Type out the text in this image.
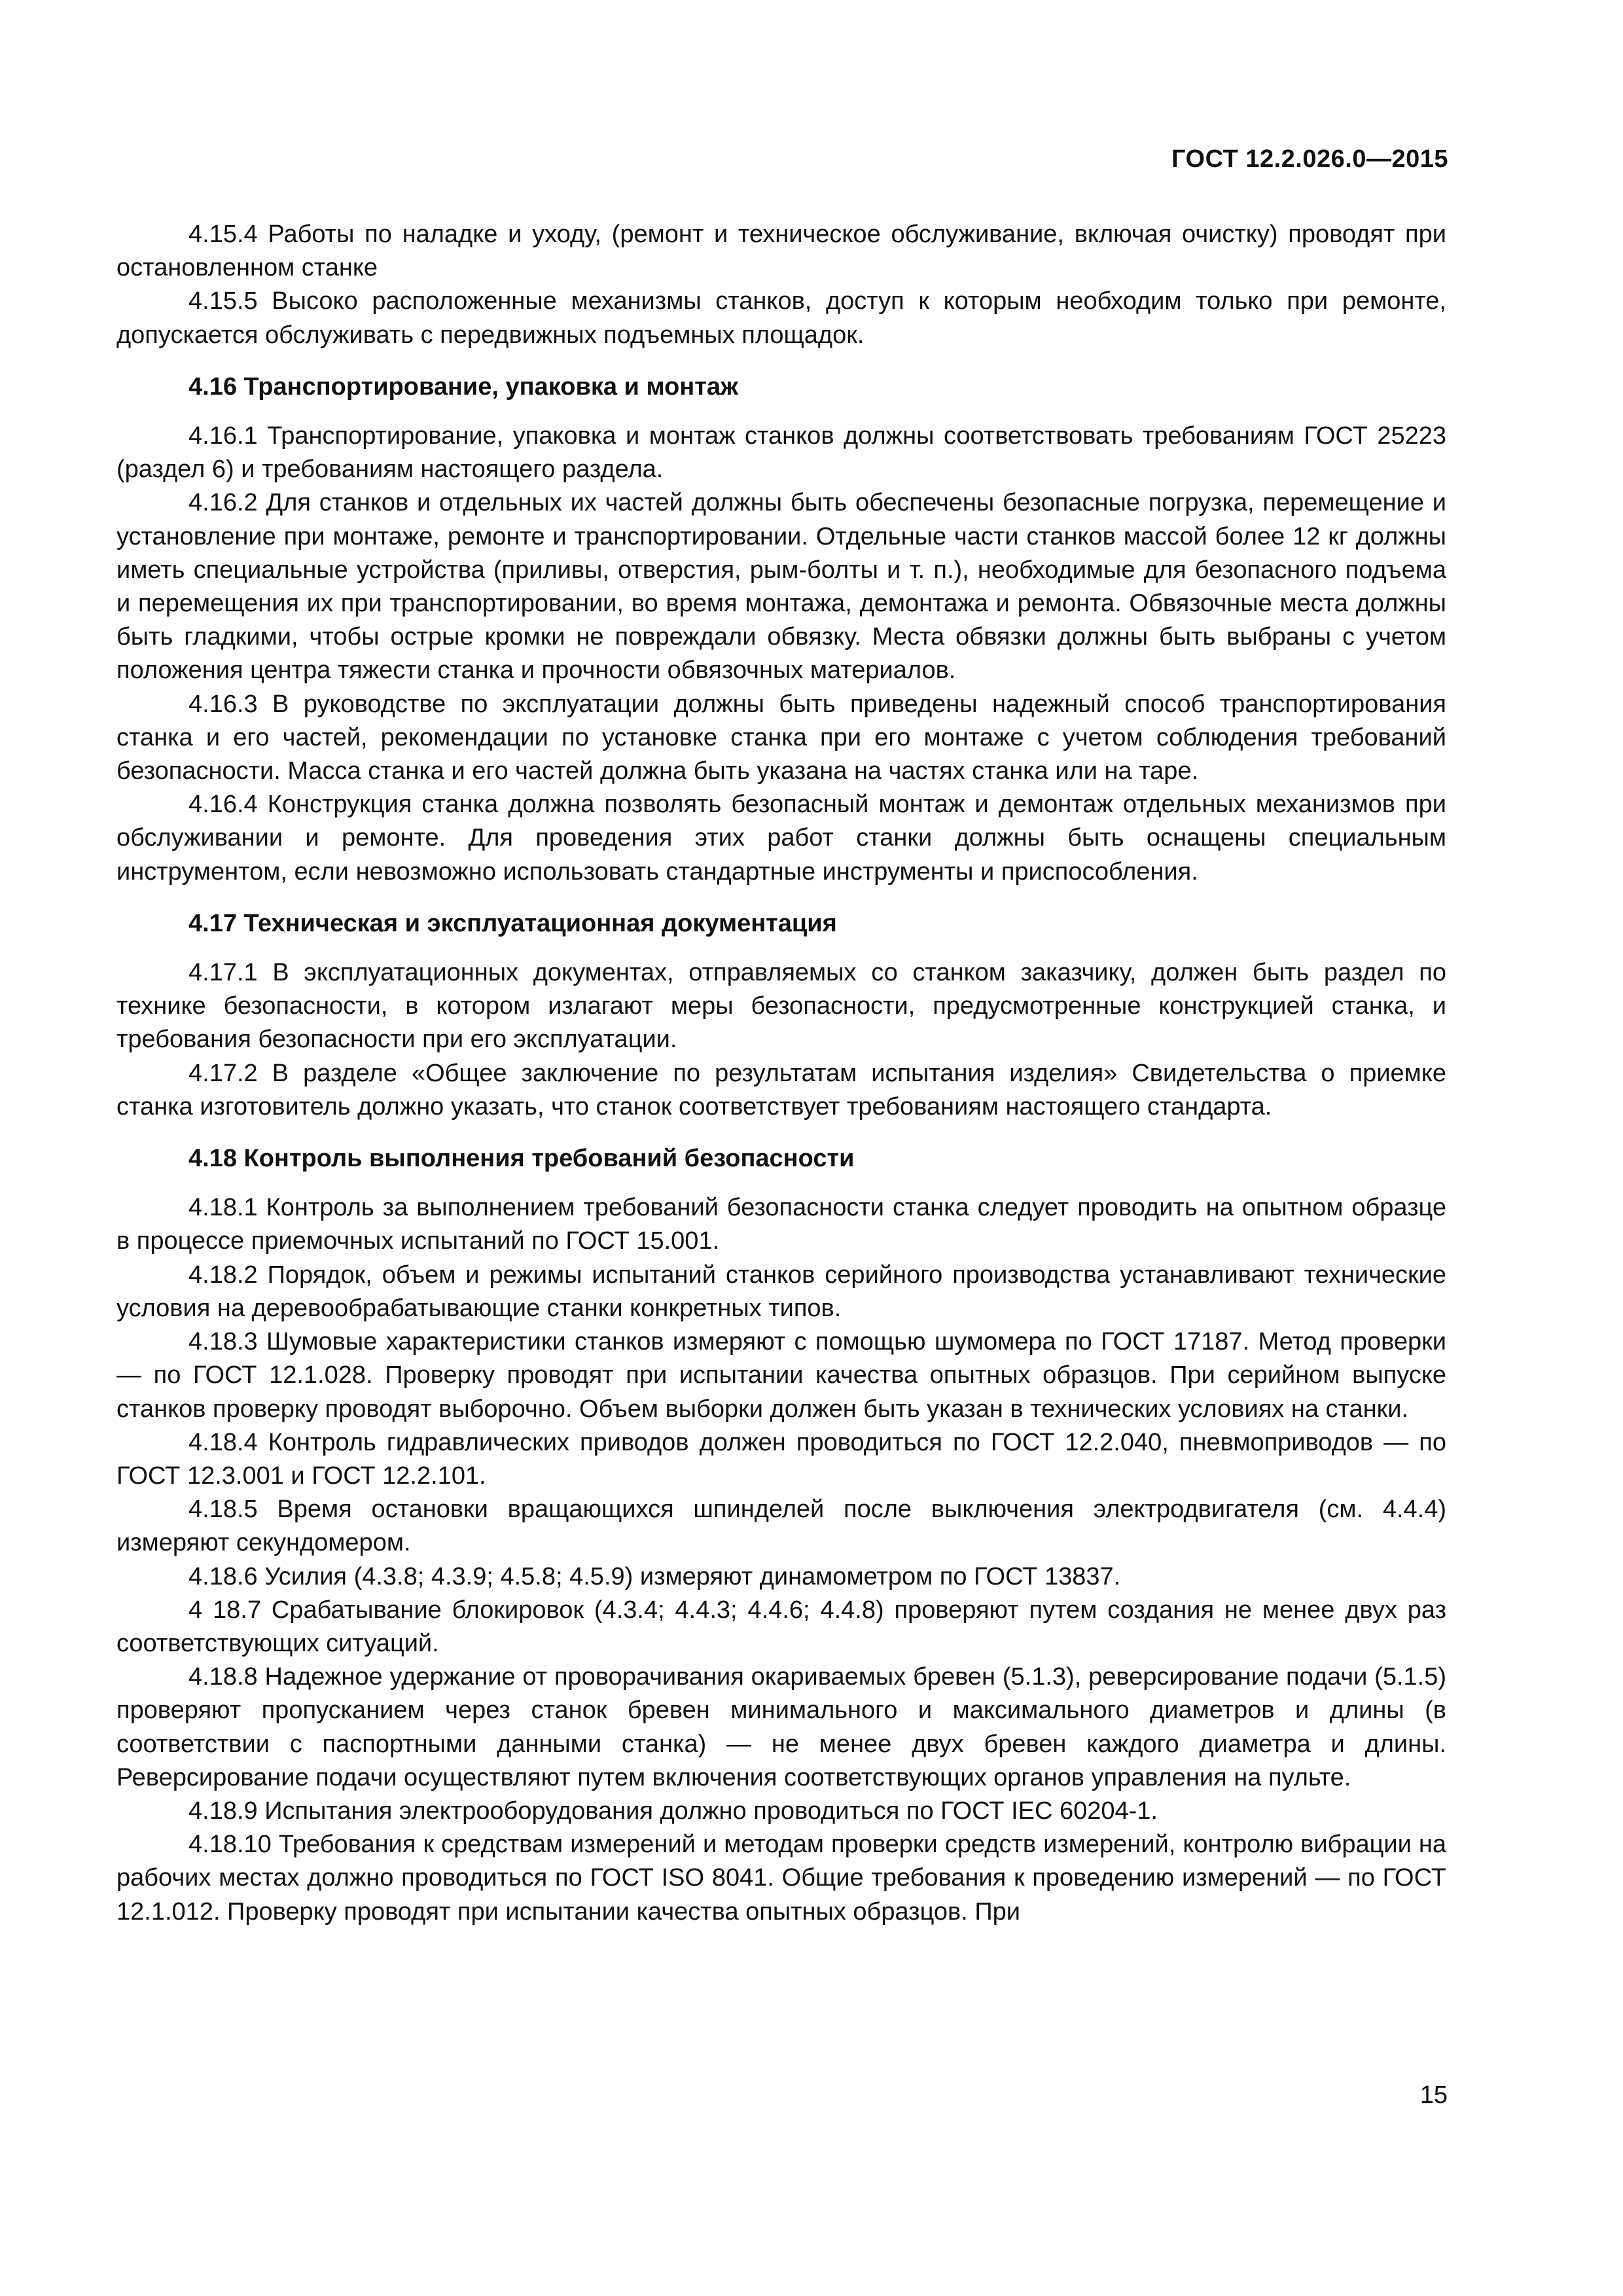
ГОСТ 12.2.026.0—2015

4.15.4 Работы по наладке и уходу, (ремонт и техническое обслуживание, включая очистку) проводят при остановленном станке

4.15.5 Высоко расположенные механизмы станков, доступ к которым необходим только при ремонте, допускается обслуживать с передвижных подъемных площадок.

4.16 Транспортирование, упаковка и монтаж

4.16.1 Транспортирование, упаковка и монтаж станков должны соответствовать требованиям ГОСТ 25223 (раздел 6) и требованиям настоящего раздела.

4.16.2 Для станков и отдельных их частей должны быть обеспечены безопасные погрузка, перемещение и установление при монтаже, ремонте и транспортировании. Отдельные части станков массой более 12 кг должны иметь специальные устройства (приливы, отверстия, рым-болты и т. п.), необходимые для безопасного подъема и перемещения их при транспортировании, во время монтажа, демонтажа и ремонта. Обвязочные места должны быть гладкими, чтобы острые кромки не повреждали обвязку. Места обвязки должны быть выбраны с учетом положения центра тяжести станка и прочности обвязочных материалов.

4.16.3 В руководстве по эксплуатации должны быть приведены надежный способ транспортирования станка и его частей, рекомендации по установке станка при его монтаже с учетом соблюдения требований безопасности. Масса станка и его частей должна быть указана на частях станка или на таре.

4.16.4 Конструкция станка должна позволять безопасный монтаж и демонтаж отдельных механизмов при обслуживании и ремонте. Для проведения этих работ станки должны быть оснащены специальным инструментом, если невозможно использовать стандартные инструменты и приспособления.

4.17 Техническая и эксплуатационная документация

4.17.1 В эксплуатационных документах, отправляемых со станком заказчику, должен быть раздел по технике безопасности, в котором излагают меры безопасности, предусмотренные конструкцией станка, и требования безопасности при его эксплуатации.

4.17.2 В разделе «Общее заключение по результатам испытания изделия» Свидетельства о приемке станка изготовитель должно указать, что станок соответствует требованиям настоящего стандарта.

4.18 Контроль выполнения требований безопасности

4.18.1 Контроль за выполнением требований безопасности станка следует проводить на опытном образце в процессе приемочных испытаний по ГОСТ 15.001.

4.18.2 Порядок, объем и режимы испытаний станков серийного производства устанавливают технические условия на деревообрабатывающие станки конкретных типов.

4.18.3 Шумовые характеристики станков измеряют с помощью шумомера по ГОСТ 17187. Метод проверки — по ГОСТ 12.1.028. Проверку проводят при испытании качества опытных образцов. При серийном выпуске станков проверку проводят выборочно. Объем выборки должен быть указан в технических условиях на станки.

4.18.4 Контроль гидравлических приводов должен проводиться по ГОСТ 12.2.040, пневмоприводов — по ГОСТ 12.3.001 и ГОСТ 12.2.101.

4.18.5 Время остановки вращающихся шпинделей после выключения электродвигателя (см. 4.4.4) измеряют секундомером.

4.18.6 Усилия (4.3.8; 4.3.9; 4.5.8; 4.5.9) измеряют динамометром по ГОСТ 13837.

4 18.7 Срабатывание блокировок (4.3.4; 4.4.3; 4.4.6; 4.4.8) проверяют путем создания не менее двух раз соответствующих ситуаций.

4.18.8 Надежное удержание от проворачивания окариваемых бревен (5.1.3), реверсирование подачи (5.1.5) проверяют пропусканием через станок бревен минимального и максимального диаметров и длины (в соответствии с паспортными данными станка) — не менее двух бревен каждого диаметра и длины. Реверсирование подачи осуществляют путем включения соответствующих органов управления на пульте.

4.18.9 Испытания электрооборудования должно проводиться по ГОСТ IEC 60204-1.

4.18.10 Требования к средствам измерений и методам проверки средств измерений, контролю вибрации на рабочих местах должно проводиться по ГОСТ ISO 8041. Общие требования к проведению измерений — по ГОСТ 12.1.012. Проверку проводят при испытании качества опытных образцов. При

15
